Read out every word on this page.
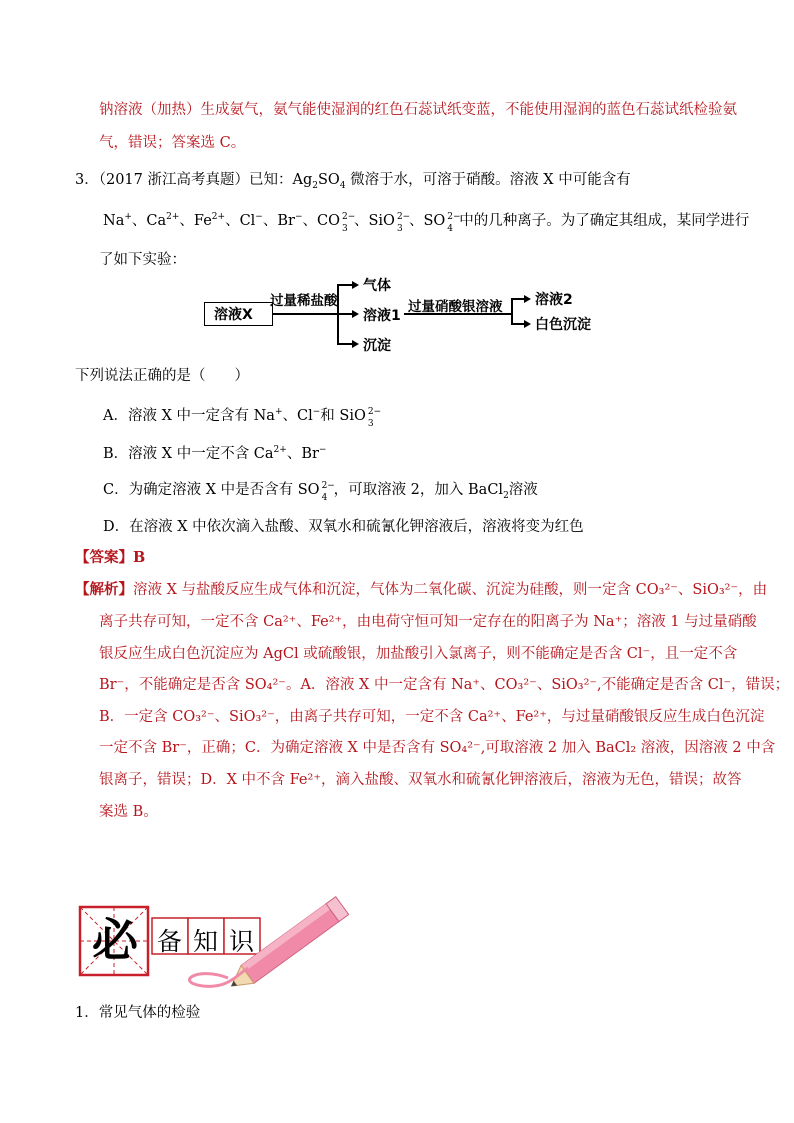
钠溶液（加热）生成氨气，氨气能使湿润的红色石蕊试纸变蓝，不能使用湿润的蓝色石蕊试纸检验氨
气，错误；答案选 C。
3．（2017 浙江高考真题）已知：$Ag_2SO_4$ 微溶于水，可溶于硝酸。溶液 X 中可能含有
Na+、$Ca^{2+}$、$Fe^{2+}$、Cl−、Br−、CO 2−
3 、SiO 2−
3 、SO 2−
4 中的几种离子。为了确定其组成，某同学进行
了如下实验：
溶液X
过量稀盐酸
气体
溶液1
沉淀
过量硝酸银溶液 溶液2
白色沉淀
下列说法正确的是（　　）
A．溶液 X 中一定含有 Na+、Cl−和 SiO 2−
3
B．溶液 X 中一定不含 $Ca^{2+}$、Br−
C．为确定溶液 X 中是否含有 SO 2−
4 ，可取溶液 2，加入 BaCl$_2$溶液
D．在溶液 X 中依次滴入盐酸、双氧水和硫氰化钾溶液后，溶液将变为红色
【答案】B
【解析】溶液 X 与盐酸反应生成气体和沉淀，气体为二氧化碳、沉淀为硅酸，则一定含 CO₃²⁻、SiO₃²⁻，由
离子共存可知，一定不含 Ca²⁺、Fe²⁺，由电荷守恒可知一定存在的阳离子为 Na⁺；溶液 1 与过量硝酸
银反应生成白色沉淀应为 AgCl 或硫酸银，加盐酸引入氯离子，则不能确定是否含 Cl⁻，且一定不含
Br⁻，不能确定是否含 SO₄²⁻。A．溶液 X 中一定含有 Na⁺、CO₃²⁻、SiO₃²⁻,不能确定是否含 Cl⁻，错误；
B．一定含 CO₃²⁻、SiO₃²⁻，由离子共存可知，一定不含 Ca²⁺、Fe²⁺，与过量硝酸银反应生成白色沉淀
一定不含 Br⁻，正确；C．为确定溶液 X 中是否含有 SO₄²⁻,可取溶液 2 加入 BaCl₂ 溶液，因溶液 2 中含
银离子，错误；D．X 中不含 Fe²⁺，滴入盐酸、双氧水和硫氰化钾溶液后，溶液为无色，错误；故答
案选 B。
必 备知识
1．常见气体的检验
